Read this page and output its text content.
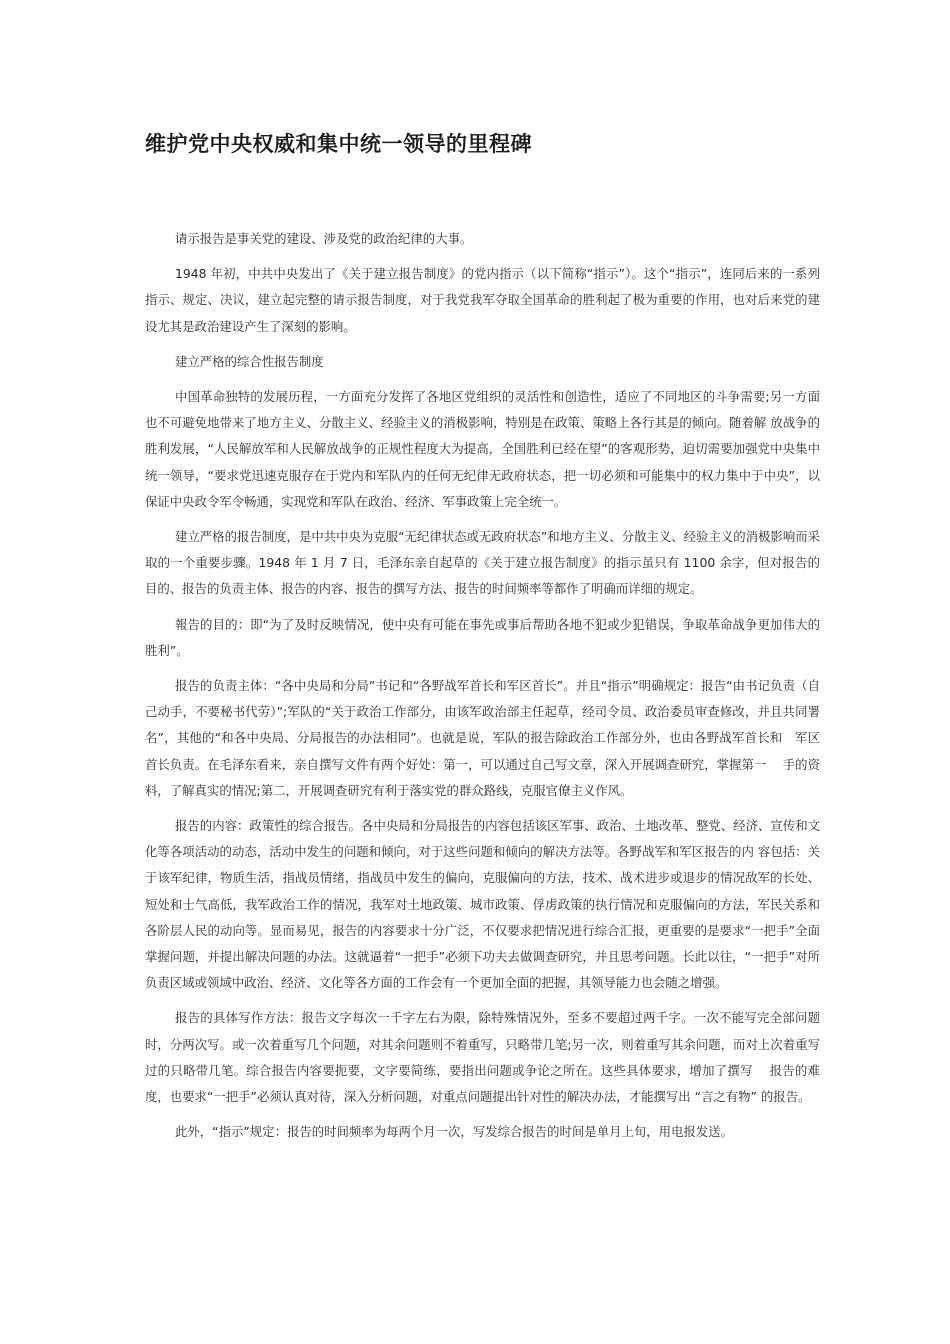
维护党中央权威和集中统一领导的里程碑

请示报告是事关党的建设、涉及党的政治纪律的大事。

1948 年初，中共中央发出了《关于建立报告制度》的党内指示（以下简称“指示”）。这个“指示”，连同后来的一系列指示、规定、决议，建立起完整的请示报告制度，对于我党我军夺取全国革命的胜利起了极为重要的作用，也对后来党的建设尤其是政治建设产生了深刻的影响。

建立严格的综合性报告制度

中国革命独特的发展历程，一方面充分发挥了各地区党组织的灵活性和创造性，适应了不同地区的斗争需要;另一方面也不可避免地带来了地方主义、分散主义、经验主义的消极影响，特别是在政策、策略上各行其是的倾向。随着解 放战争的胜利发展，“人民解放军和人民解放战争的正规性程度大为提高，全国胜利已经在望”的客观形势，迫切需要加强党中央集中统一领导，“要求党迅速克服存在于党内和军队内的任何无纪律无政府状态，把一切必须和可能集中的权力集中于中央”，以保证中央政令军令畅通，实现党和军队在政治、经济、军事政策上完全统一。

建立严格的报告制度，是中共中央为克服“无纪律状态或无政府状态”和地方主义、分散主义、经验主义的消极影响而采取的一个重要步骤。1948 年 1 月 7 日，毛泽东亲自起草的《关于建立报告制度》的指示虽只有 1100 余字，但对报告的目的、报告的负责主体、报告的内容、报告的撰写方法、报告的时间频率等都作了明确而详细的规定。

報告的目的：即“为了及时反映情况，使中央有可能在事先或事后帮助各地不犯或少犯错误，争取革命战争更加伟大的胜利”。

报告的负责主体：“各中央局和分局”书记和“各野战军首长和军区首长”。并且“指示”明确规定：报告“由书记负责（自己动手，不要秘书代劳）”;军队的“关于政治工作部分，由该军政治部主任起草，经司令员、政治委员审查修改，并且共同署名”，其他的“和各中央局、分局报告的办法相同”。也就是说，军队的报告除政治工作部分外，也由各野战军首长和　军区首长负责。在毛泽东看来，亲自撰写文件有两个好处：第一，可以通过自己写文章，深入开展调查研究，掌握第一　 手的资料，了解真实的情况;第二，开展调查研究有利于落实党的群众路线，克服官僚主义作风。

报告的内容：政策性的综合报告。各中央局和分局报告的内容包括该区军事、政治、土地改革、整党、经济、宣传和文化等各项活动的动态，活动中发生的问题和倾向，对于这些问题和倾向的解决方法等。各野战军和军区报告的内 容包括：关于该军纪律，物质生活，指战员情绪，指战员中发生的偏向，克服偏向的方法，技术、战术进步或退步的情况敌军的长处、短处和士气高低，我军政治工作的情况，我军对土地政策、城市政策、俘虏政策的执行情况和克服偏向的方法，军民关系和各阶层人民的动向等。显而易见，报告的内容要求十分广泛，不仅要求把情况进行综合汇报，更重要的是要求“一把手”全面掌握问题，并提出解决问题的办法。这就逼着“一把手”必须下功夫去做调查研究，并且思考问题。长此以往，“一把手”对所负责区域或领域中政治、经济、文化等各方面的工作会有一个更加全面的把握，其领导能力也会随之增强。

报告的具体写作方法：报告文字每次一千字左右为限，除特殊情况外，至多不要超过两千字。一次不能写完全部问题时，分两次写。或一次着重写几个问题，对其余问题则不着重写，只略带几笔;另一次，则着重写其余问题，而对上次着重写过的只略带几笔。综合报告内容要扼要，文字要简练，要指出问题或争论之所在。这些具体要求，增加了撰写　 报告的难度，也要求“一把手”必须认真对待，深入分析问题，对重点问题提出针对性的解决办法，才能撰写出 “言之有物” 的报告。

此外，“指示”规定：报告的时间频率为每两个月一次，写发综合报告的时间是单月上旬，用电报发送。
